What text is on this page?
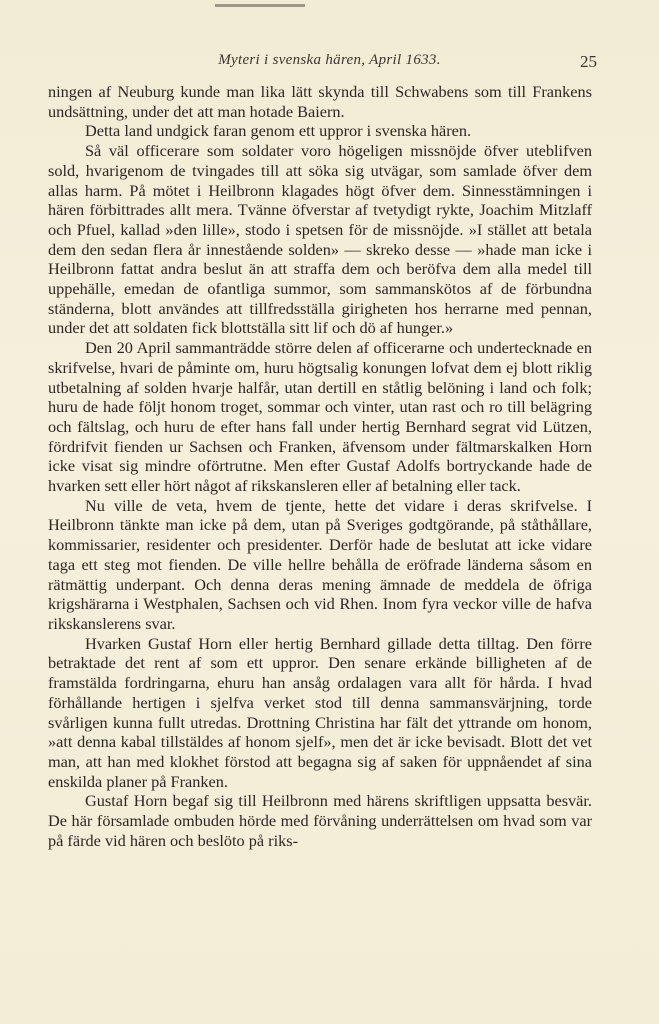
Myteri i svenska hären, April 1633.	25

ningen af Neuburg kunde man lika lätt skynda till Schwabens som till Frankens undsättning, under det att man hotade Baiern.

Detta land undgick faran genom ett uppror i svenska hären.

Så väl officerare som soldater voro högeligen missnöjde öfver uteblifven sold, hvarigenom de tvingades till att söka sig utvägar, som samlade öfver dem allas harm. På mötet i Heilbronn klagades högt öfver dem. Sinnesstämningen i hären förbittrades allt mera. Tvänne öfverstar af tvetydigt rykte, Joachim Mitzlaff och Pfuel, kallad »den lille», stodo i spetsen för de missnöjde. »I stället att betala dem den sedan flera år innestående solden» — skreko desse — »hade man icke i Heilbronn fattat andra beslut än att straffa dem och beröfva dem alla medel till uppehälle, emedan de ofantliga summor, som sammanskötos af de förbundna ständerna, blott användes att tillfredsställa girigheten hos herrarne med pennan, under det att soldaten fick blottställa sitt lif och dö af hunger.»

Den 20 April sammanträdde större delen af officerarne och undertecknade en skrifvelse, hvari de påminte om, huru högtsalig konungen lofvat dem ej blott riklig utbetalning af solden hvarje halfår, utan dertill en ståtlig belöning i land och folk; huru de hade följt honom troget, sommar och vinter, utan rast och ro till belägring och fältslag, och huru de efter hans fall under hertig Bernhard segrat vid Lützen, fördrifvit fienden ur Sachsen och Franken, äfvensom under fältmarskalken Horn icke visat sig mindre oförtrutne. Men efter Gustaf Adolfs bortryckande hade de hvarken sett eller hört något af rikskansleren eller af betalning eller tack.

Nu ville de veta, hvem de tjente, hette det vidare i deras skrifvelse. I Heilbronn tänkte man icke på dem, utan på Sveriges godtgörande, på ståthållare, kommissarier, residenter och presidenter. Derför hade de beslutat att icke vidare taga ett steg mot fienden. De ville hellre behålla de eröfrade länderna såsom en rätmättig underpant. Och denna deras mening ämnade de meddela de öfriga krigshärarna i Westphalen, Sachsen och vid Rhen. Inom fyra veckor ville de hafva rikskanslerens svar.

Hvarken Gustaf Horn eller hertig Bernhard gillade detta tilltag. Den förre betraktade det rent af som ett uppror. Den senare erkände billigheten af de framstälda fordringarna, ehuru han ansåg ordalagen vara allt för hårda. I hvad förhållande hertigen i sjelfva verket stod till denna sammansvärjning, torde svårligen kunna fullt utredas. Drottning Christina har fält det yttrande om honom, »att denna kabal tillstäldes af honom sjelf», men det är icke bevisadt. Blott det vet man, att han med klokhet förstod att begagna sig af saken för uppnåendet af sina enskilda planer på Franken.

Gustaf Horn begaf sig till Heilbronn med härens skriftligen uppsatta besvär. De här församlade ombuden hörde med förvåning underrättelsen om hvad som var på färde vid hären och beslöto på riks-
